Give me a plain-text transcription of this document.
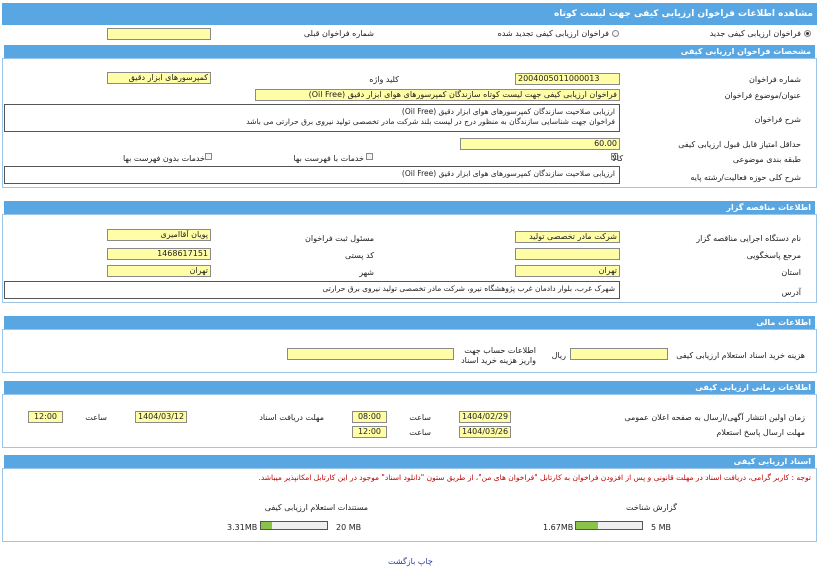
مشاهده اطلاعات فراخوان ارزیابی کیفی جهت لیست کوتاه
فراخوان ارزیابی کیفی جدید
فراخوان ارزیابی کیفی تجدید شده
شماره فراخوان قبلی
مشخصات فراخوان ارزیابی کیفی
شماره فراخوان
2004005011000013
کلید واژه
کمپرسورهای ابزار دقیق
عنوان/موضوع فراخوان
فراخوان ارزیابی کیفی جهت لیست کوتاه سازندگان کمپرسورهای هوای ابزار دقیق (Oil Free)
شرح فراخوان
ارزیابی صلاحیت سازندگان کمپرسورهای هوای ابزار دقیق (Oil Free)
فراخوان جهت شناسایی سازندگان به منظور درج در لیست بلند شرکت مادر تخصصی تولید نیروی برق حرارتی می باشد
حداقل امتیاز قابل قبول ارزیابی کیفی
60.00
طبقه بندی موضوعی
✓
کالا
خدمات با فهرست بها
خدمات بدون فهرست بها
شرح کلی حوزه فعالیت/رشته پایه
ارزیابی صلاحیت سازندگان کمپرسورهای هوای ابزار دقیق (Oil Free)
اطلاعات مناقصه گزار
نام دستگاه اجرایی مناقصه گزار
شرکت مادر تخصصی تولید
مسئول ثبت فراخوان
پویان آقاامیری
مرجع پاسخگویی
کد پستی
1468617151
استان
تهران
شهر
تهران
آدرس
شهرک غرب، بلوار دادمان غرب پژوهشگاه نیرو، شرکت مادر تخصصی تولید نیروی برق حرارتی
اطلاعات مالی
هزینه خرید اسناد استعلام ارزیابی کیفی
ریال
اطلاعات حساب جهت
واریز هزینه خرید اسناد
اطلاعات زمانی ارزیابی کیفی
زمان اولین انتشار آگهی/ارسال به صفحه اعلان عمومی
1404/02/29
ساعت
08:00
مهلت دریافت اسناد
1404/03/12
ساعت
12:00
مهلت ارسال پاسخ استعلام
1404/03/26
ساعت
12:00
اسناد ارزیابی کیفی
توجه : کاربر گرامی، دریافت اسناد در مهلت قانونی و پس از افزودن فراخوان به کارتابل "فراخوان های من"، از طریق ستون "دانلود اسناد" موجود در این کارتابل امکانپذیر میباشد.
گزارش شناخت
5 MB
1.67MB
مستندات استعلام ارزیابی کیفی
20 MB
3.31MB
چاپ بازگشت
